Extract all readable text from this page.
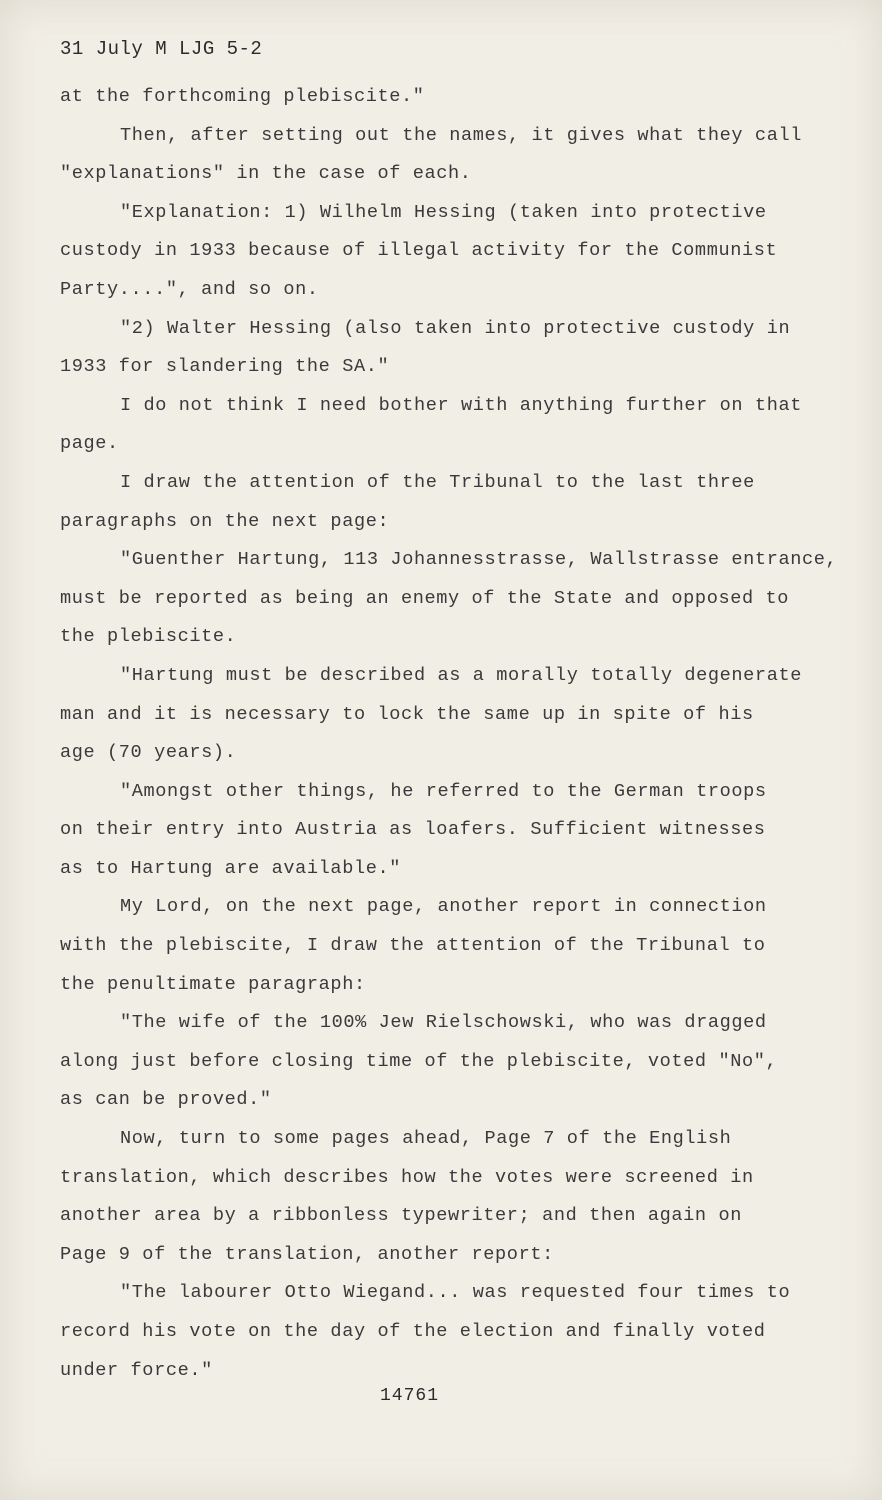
31 July M LJG 5-2
at the forthcoming plebiscite."
Then, after setting out the names, it gives what they call
"explanations" in the case of each.
"Explanation: 1) Wilhelm Hessing (taken into protective
custody in 1933 because of illegal activity for the Communist
Party....", and so on.
"2) Walter Hessing (also taken into protective custody in
1933 for slandering the SA."
I do not think I need bother with anything further on that
page.
I draw the attention of the Tribunal to the last three
paragraphs on the next page:
"Guenther Hartung, 113 Johannesstrasse, Wallstrasse entrance,
must be reported as being an enemy of the State and opposed to
the plebiscite.
"Hartung must be described as a morally totally degenerate
man and it is necessary to lock the same up in spite of his
age (70 years).
"Amongst other things, he referred to the German troops
on their entry into Austria as loafers. Sufficient witnesses
as to Hartung are available."
My Lord, on the next page, another report in connection
with the plebiscite, I draw the attention of the Tribunal to
the penultimate paragraph:
"The wife of the 100% Jew Rielschowski, who was dragged
along just before closing time of the plebiscite, voted "No",
as can be proved."
Now, turn to some pages ahead, Page 7 of the English
translation, which describes how the votes were screened in
another area by a ribbonless typewriter; and then again on
Page 9 of the translation, another report:
"The labourer Otto Wiegand... was requested four times to
record his vote on the day of the election and finally voted
under force."
14761
